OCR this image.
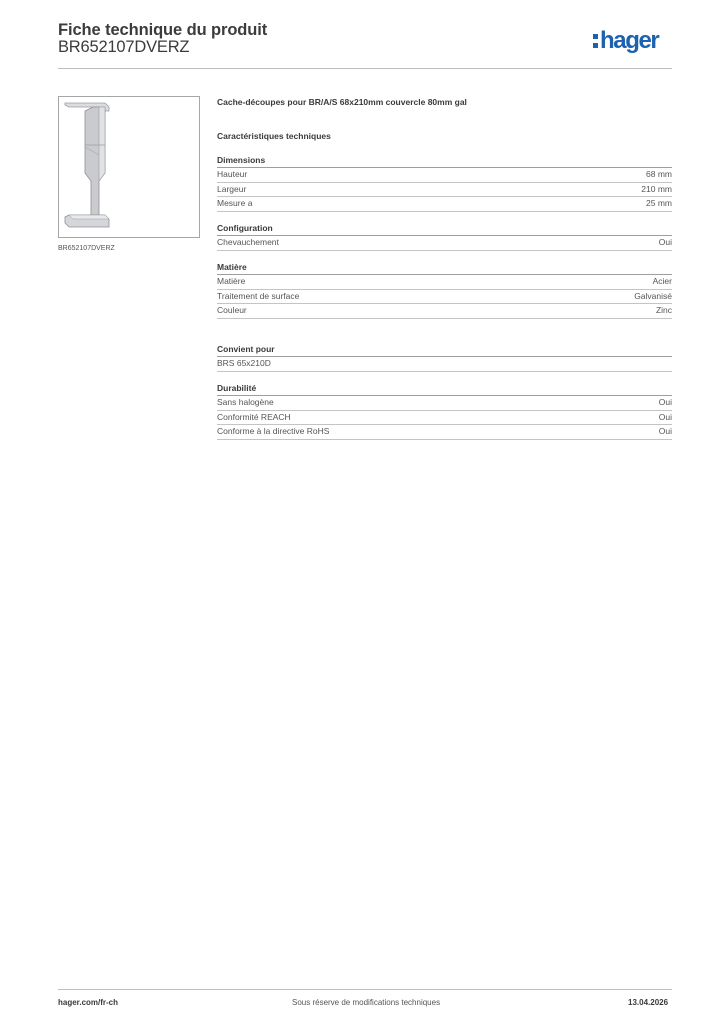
Fiche technique du produit
BR652107DVERZ	hager
BR652107DVERZ
Cache-découpes pour BR/A/S 68x210mm couvercle 80mm gal
Caractéristiques techniques
Dimensions
Hauteur	68 mm
Largeur	210 mm
Mesure a	25 mm
Configuration
Chevauchement	Oui
Matière
Matière	Acier
Traitement de surface	Galvanisé
Couleur	Zinc
Convient pour
BRS 65x210D
Durabilité
Sans halogène	Oui
Conformité REACH	Oui
Conforme à la directive RoHS	Oui
hager.com/fr-ch	Sous réserve de modifications techniques	13.04.2026
